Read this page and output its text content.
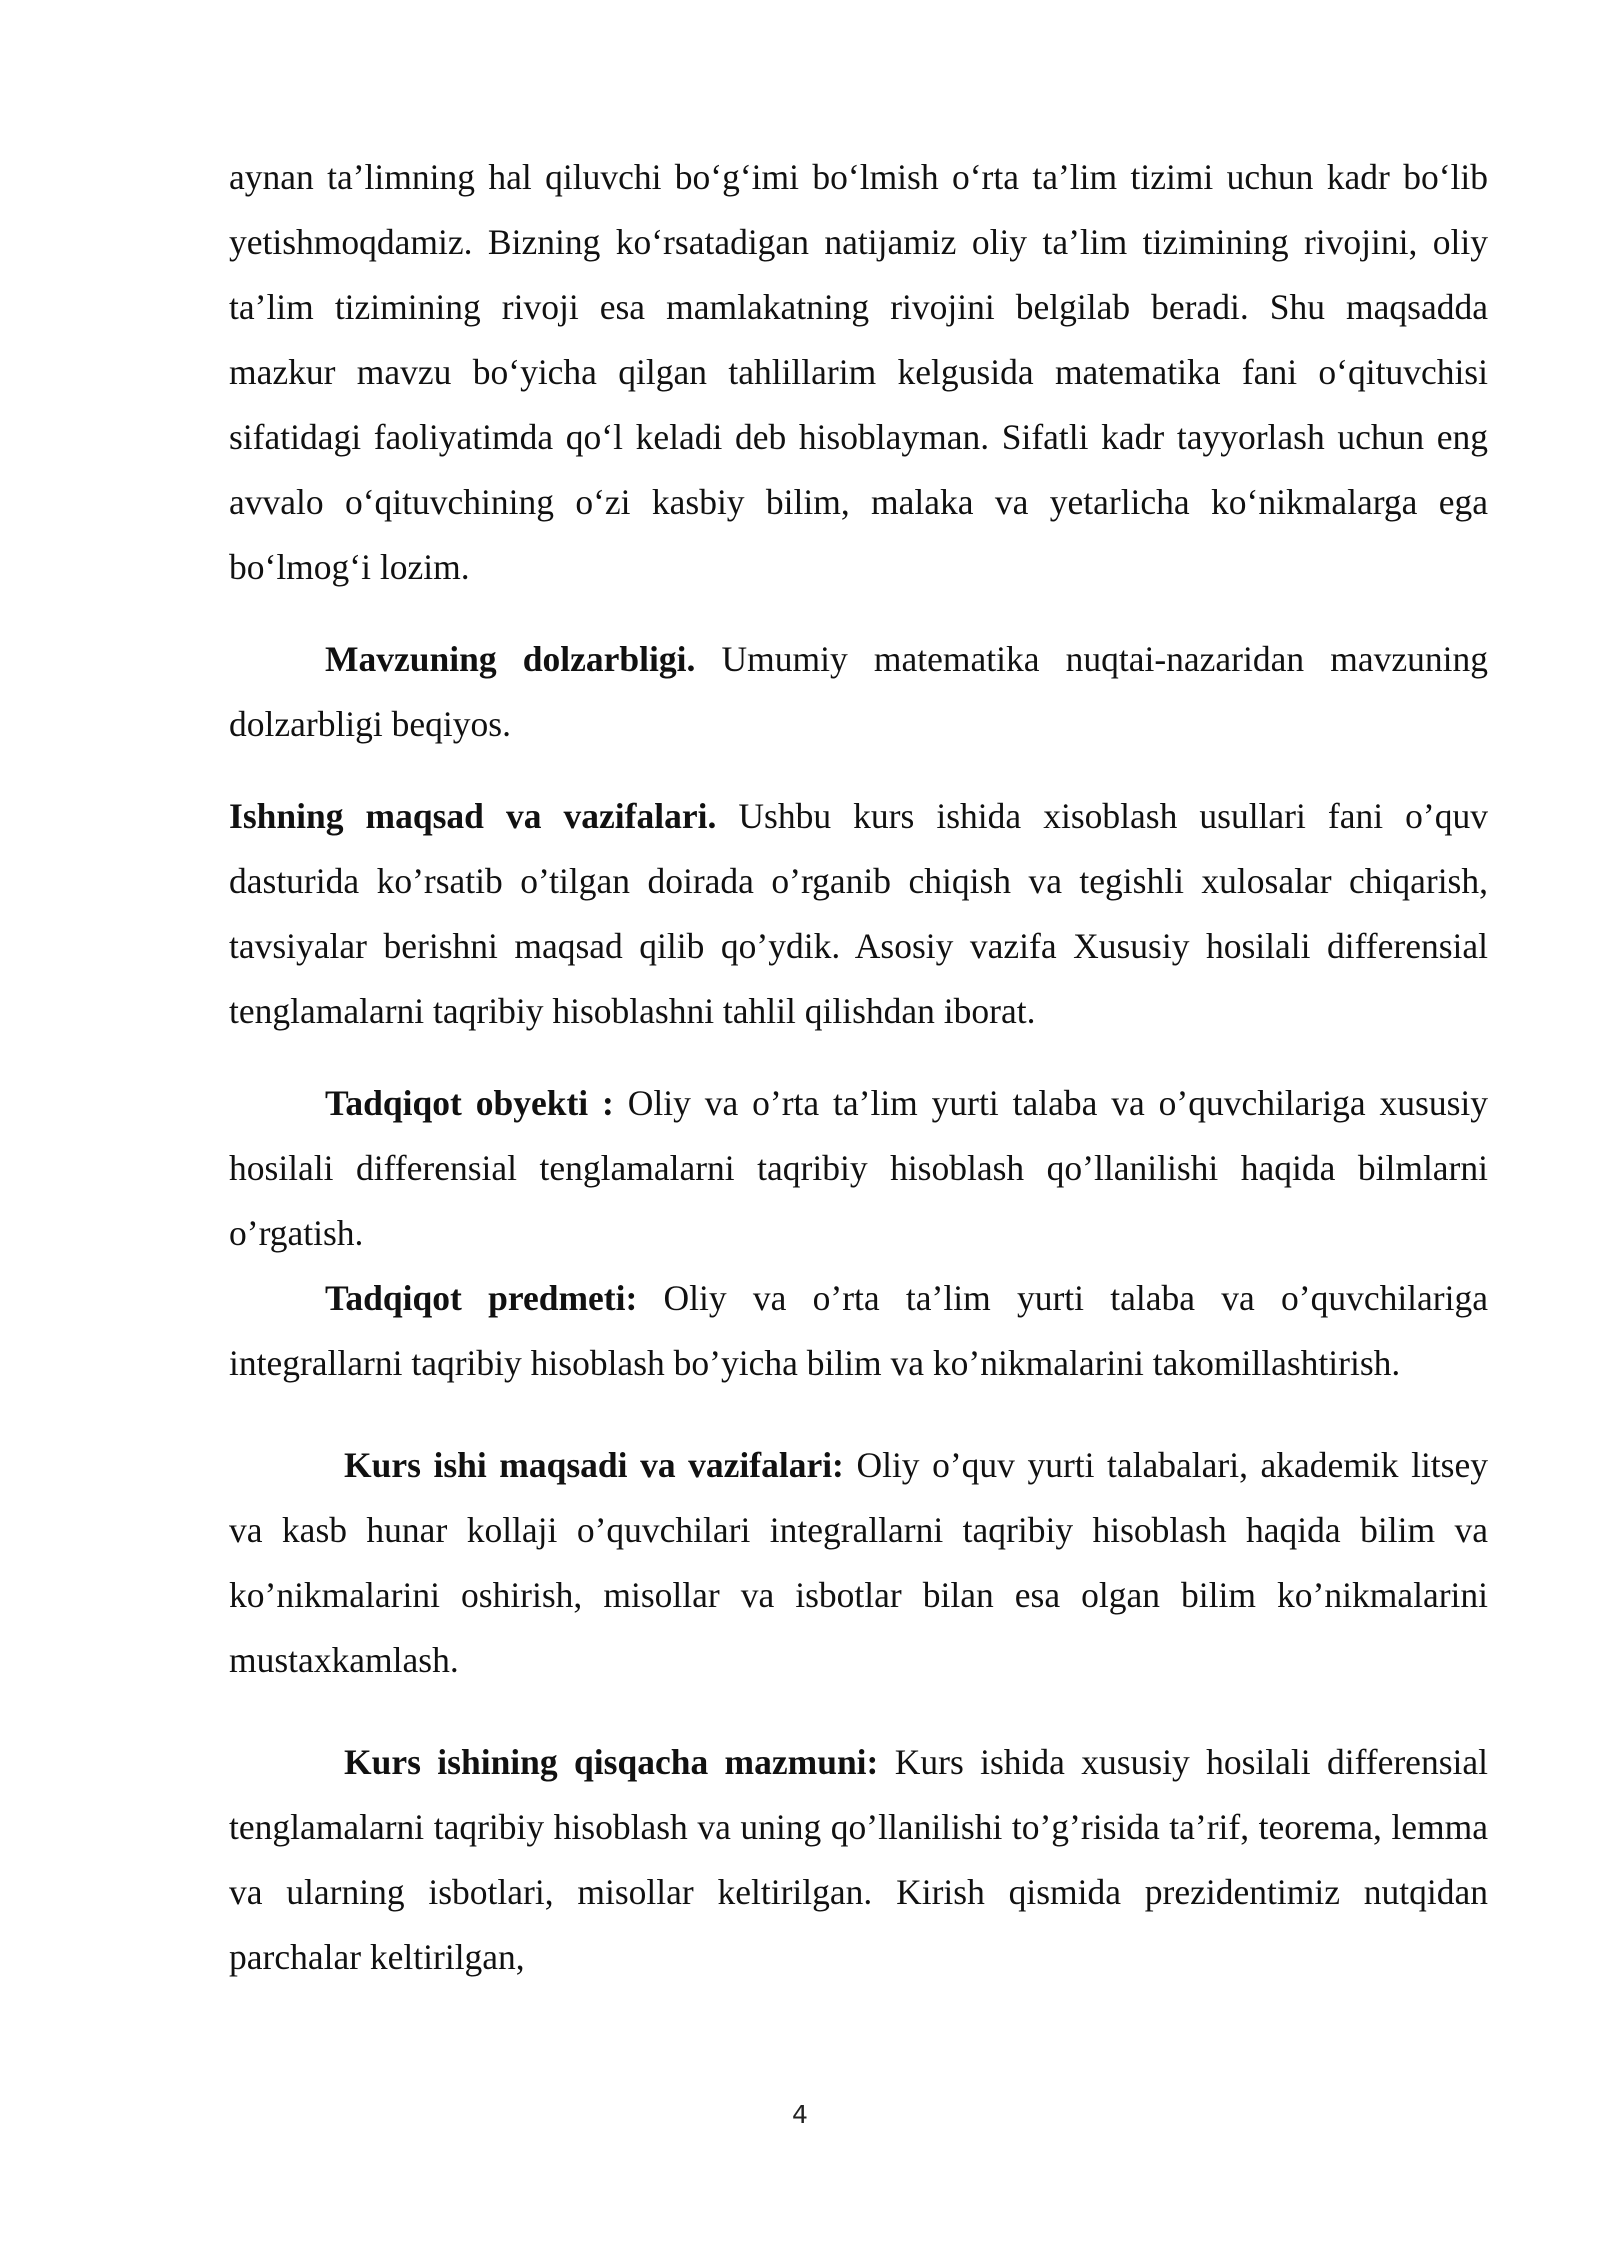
aynan ta’limning hal qiluvchi bo‘g‘imi bo‘lmish o‘rta ta’lim tizimi uchun kadr bo‘lib yetishmoqdamiz. Bizning ko‘rsatadigan natijamiz oliy ta’lim tizimining rivojini, oliy ta’lim tizimining rivoji esa mamlakatning rivojini belgilab beradi. Shu maqsadda mazkur mavzu bo‘yicha qilgan tahlillarim kelgusida matematika fani o‘qituvchisi sifatidagi faoliyatimda qo‘l keladi deb hisoblayman. Sifatli kadr tayyorlash uchun eng avvalo o‘qituvchining o‘zi kasbiy bilim, malaka va yetarlicha ko‘nikmalarga ega bo‘lmog‘i lozim.

Mavzuning dolzarbligi. Umumiy matematika nuqtai-nazaridan mavzuning dolzarbligi beqiyos.

Ishning maqsad va vazifalari. Ushbu kurs ishida xisoblash usullari fani o’quv dasturida ko’rsatib o’tilgan doirada o’rganib chiqish va tegishli xulosalar chiqarish, tavsiyalar berishni maqsad qilib qo’ydik. Asosiy vazifa Xususiy hosilali differensial tenglamalarni taqribiy hisoblashni tahlil qilishdan iborat.

Tadqiqot obyekti : Oliy va o’rta ta’lim yurti talaba va o’quvchilariga xususiy hosilali differensial tenglamalarni taqribiy hisoblash qo’llanilishi haqida bilmlarni o’rgatish.

Tadqiqot predmeti: Oliy va o’rta ta’lim yurti talaba va o’quvchilariga integrallarni taqribiy hisoblash bo’yicha bilim va ko’nikmalarini takomillashtirish.

Kurs ishi maqsadi va vazifalari: Oliy o’quv yurti talabalari, akademik litsey va kasb hunar kollaji o’quvchilari integrallarni taqribiy hisoblash haqida bilim va ko’nikmalarini oshirish, misollar va isbotlar bilan esa olgan bilim ko’nikmalarini mustaxkamlash.

Kurs ishining qisqacha mazmuni: Kurs ishida xususiy hosilali differensial tenglamalarni taqribiy hisoblash va uning qo’llanilishi to’g’risida ta’rif, teorema, lemma va ularning isbotlari, misollar keltirilgan. Kirish qismida prezidentimiz nutqidan parchalar keltirilgan,

4
